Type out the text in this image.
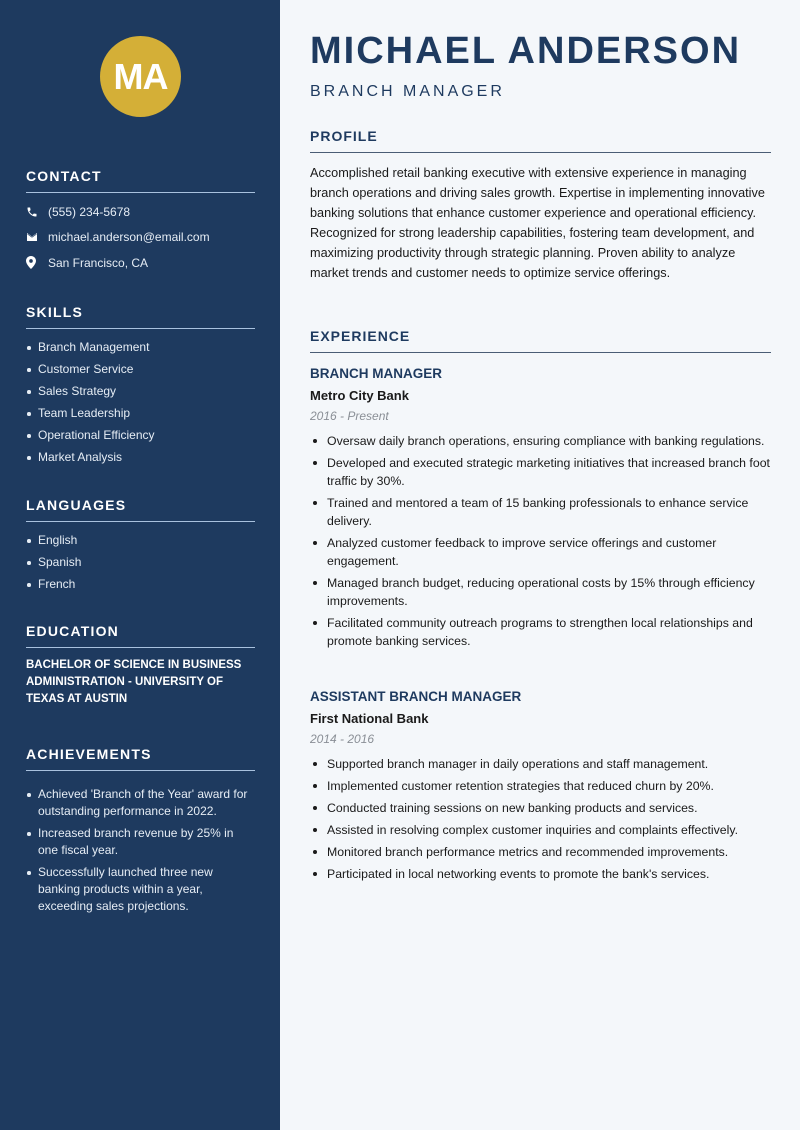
MA
CONTACT
(555) 234-5678
michael.anderson@email.com
San Francisco, CA
SKILLS
Branch Management
Customer Service
Sales Strategy
Team Leadership
Operational Efficiency
Market Analysis
LANGUAGES
English
Spanish
French
EDUCATION

BACHELOR OF SCIENCE IN BUSINESS ADMINISTRATION - UNIVERSITY OF TEXAS AT AUSTIN

ACHIEVEMENTS
Achieved 'Branch of the Year' award for outstanding performance in 2022.
Increased branch revenue by 25% in one fiscal year.
Successfully launched three new banking products within a year, exceeding sales projections.
MICHAEL ANDERSON
BRANCH MANAGER
PROFILE

Accomplished retail banking executive with extensive experience in managing branch operations and driving sales growth. Expertise in implementing innovative banking solutions that enhance customer experience and operational efficiency. Recognized for strong leadership capabilities, fostering team development, and maximizing productivity through strategic planning. Proven ability to analyze market trends and customer needs to optimize service offerings.

EXPERIENCE
BRANCH MANAGER
Metro City Bank
2016 - Present
Oversaw daily branch operations, ensuring compliance with banking regulations.
Developed and executed strategic marketing initiatives that increased branch foot traffic by 30%.
Trained and mentored a team of 15 banking professionals to enhance service delivery.
Analyzed customer feedback to improve service offerings and customer engagement.
Managed branch budget, reducing operational costs by 15% through efficiency improvements.
Facilitated community outreach programs to strengthen local relationships and promote banking services.
ASSISTANT BRANCH MANAGER
First National Bank
2014 - 2016
Supported branch manager in daily operations and staff management.
Implemented customer retention strategies that reduced churn by 20%.
Conducted training sessions on new banking products and services.
Assisted in resolving complex customer inquiries and complaints effectively.
Monitored branch performance metrics and recommended improvements.
Participated in local networking events to promote the bank's services.
